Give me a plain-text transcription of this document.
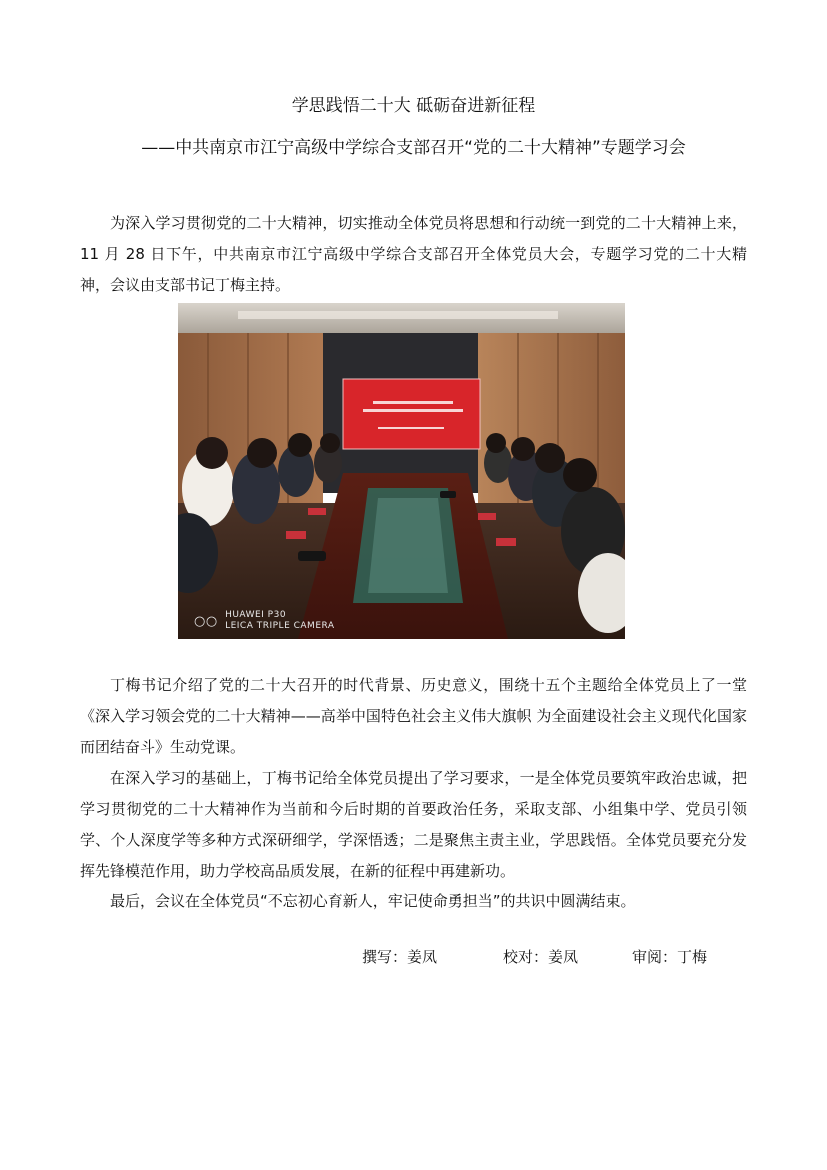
学思践悟二十大 砥砺奋进新征程
——中共南京市江宁高级中学综合支部召开“党的二十大精神”专题学习会

为深入学习贯彻党的二十大精神，切实推动全体党员将思想和行动统一到党的二十大精神上来，11 月 28 日下午，中共南京市江宁高级中学综合支部召开全体党员大会，专题学习党的二十大精神，会议由支部书记丁梅主持。

○○ HUAWEI P30
LEICA TRIPLE CAMERA

丁梅书记介绍了党的二十大召开的时代背景、历史意义，围绕十五个主题给全体党员上了一堂《深入学习领会党的二十大精神——高举中国特色社会主义伟大旗帜 为全面建设社会主义现代化国家而团结奋斗》生动党课。

在深入学习的基础上，丁梅书记给全体党员提出了学习要求，一是全体党员要筑牢政治忠诚，把学习贯彻党的二十大精神作为当前和今后时期的首要政治任务，采取支部、小组集中学、党员引领学、个人深度学等多种方式深研细学，学深悟透；二是聚焦主责主业，学思践悟。全体党员要充分发挥先锋模范作用，助力学校高品质发展，在新的征程中再建新功。

最后，会议在全体党员“不忘初心育新人，牢记使命勇担当”的共识中圆满结束。

撰写：姜凤	校对：姜凤	审阅：丁梅
